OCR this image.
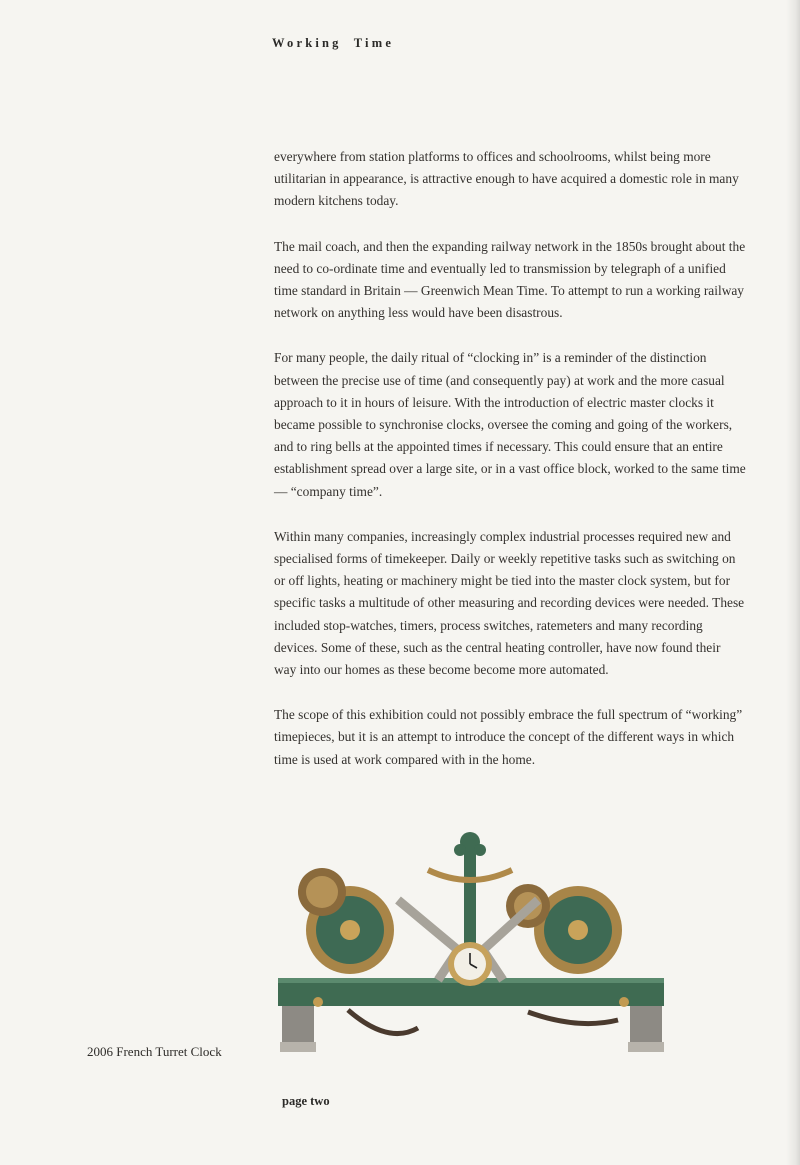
Working Time

everywhere from station platforms to offices and schoolrooms, whilst being more utilitarian in appearance, is attractive enough to have acquired a domestic role in many modern kitchens today.

The mail coach, and then the expanding railway network in the 1850s brought about the need to co-ordinate time and eventually led to transmission by telegraph of a unified time standard in Britain — Greenwich Mean Time. To attempt to run a working railway network on anything less would have been disastrous.

For many people, the daily ritual of “clocking in” is a reminder of the distinction between the precise use of time (and consequently pay) at work and the more casual approach to it in hours of leisure. With the introduction of electric master clocks it became possible to synchronise clocks, oversee the coming and going of the workers, and to ring bells at the appointed times if necessary. This could ensure that an entire establishment spread over a large site, or in a vast office block, worked to the same time — “company time”.

Within many companies, increasingly complex industrial processes required new and specialised forms of timekeeper. Daily or weekly repetitive tasks such as switching on or off lights, heating or machinery might be tied into the master clock system, but for specific tasks a multitude of other measuring and recording devices were needed. These included stop-watches, timers, process switches, ratemeters and many recording devices. Some of these, such as the central heating controller, have now found their way into our homes as these become become more automated.

The scope of this exhibition could not possibly embrace the full spectrum of “working” timepieces, but it is an attempt to introduce the concept of the different ways in which time is used at work compared with in the home.

2006 French Turret Clock
page two
